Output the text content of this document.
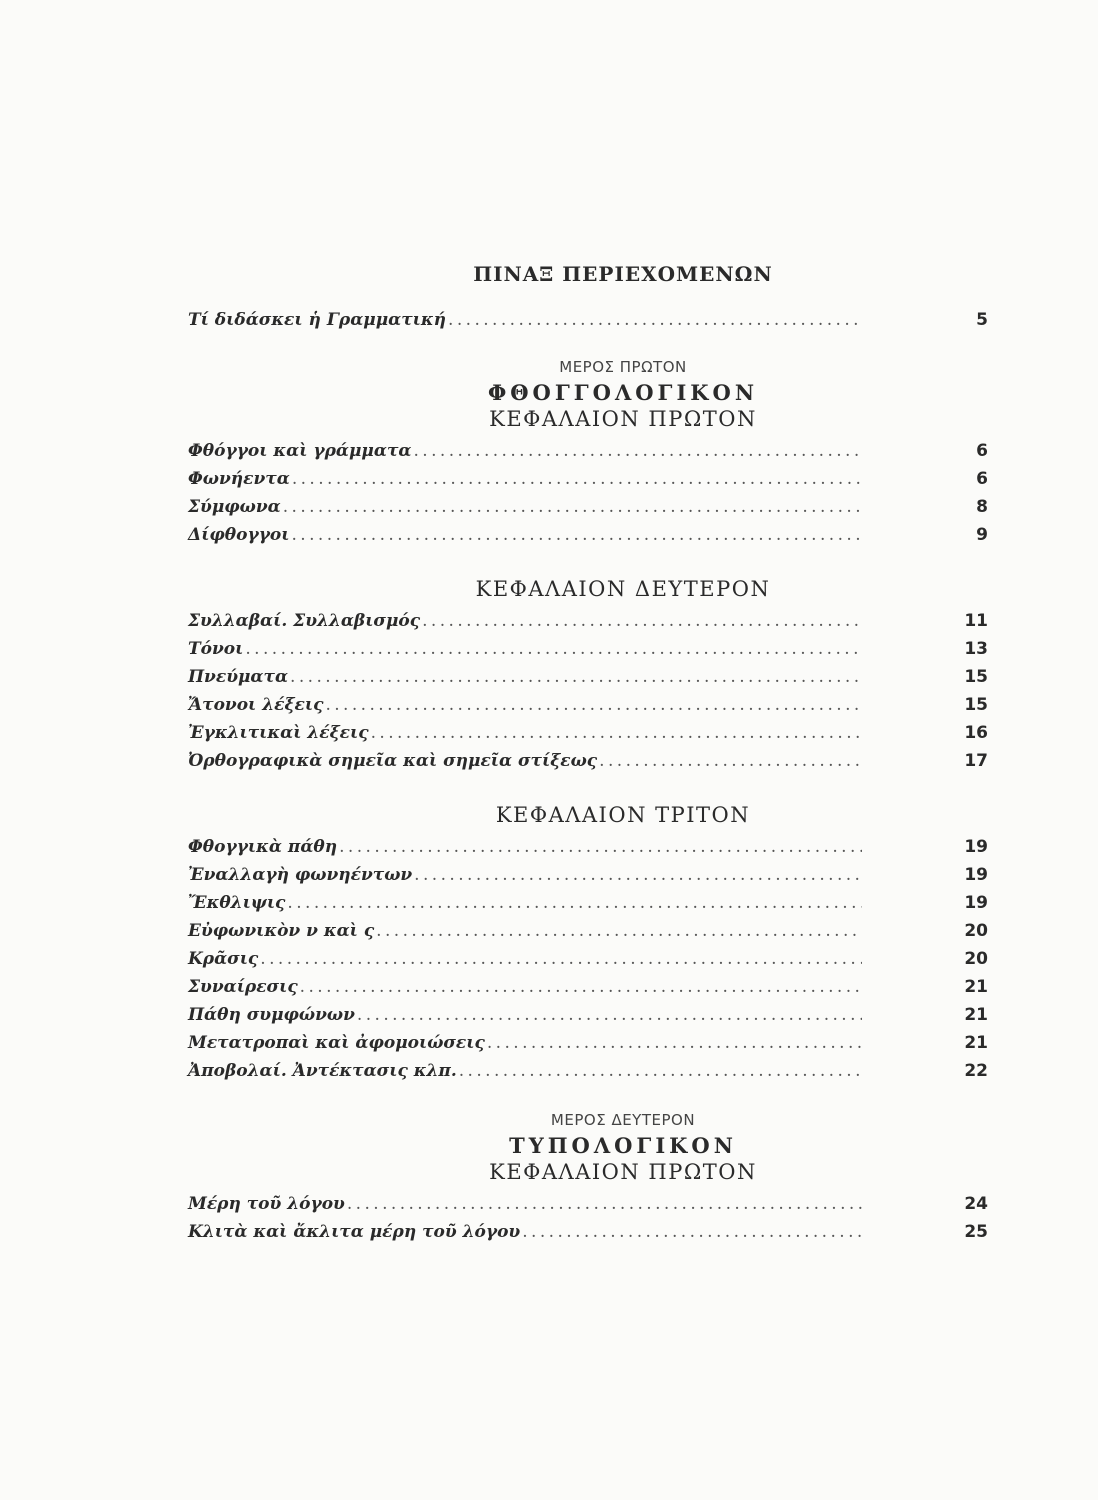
ΠΙΝΑΞ ΠΕΡΙΕΧΟΜΕΝΩΝ
Τί διδάσκει ἡ Γραμματική . . .	5
ΜΕΡΟΣ ΠΡΩΤΟΝ
ΦΘΟΓΓΟΛΟΓΙΚΟΝ
ΚΕΦΑΛΑΙΟΝ ΠΡΩΤΟΝ
Φθόγγοι καὶ γράμματα . . .	6
Φωνήεντα . . .	6
Σύμφωνα . . .	8
Δίφθογγοι . . .	9
ΚΕΦΑΛΑΙΟΝ ΔΕΥΤΕΡΟΝ
Συλλαβαί. Συλλαβισμός . . .	11
Τόνοι . . .	13
Πνεύματα . . .	15
Ἄτονοι λέξεις . . .	15
Ἐγκλιτικαὶ λέξεις . . .	16
Ὀρθογραφικὰ σημεῖα καὶ σημεῖα στίξεως . . .	17
ΚΕΦΑΛΑΙΟΝ ΤΡΙΤΟΝ
Φθογγικὰ πάθη . . .	19
Ἐναλλαγὴ φωνηέντων . . .	19
Ἔκθλιψις . . .	19
Εὐφωνικὸν ν καὶ ς . . .	20
Κρᾶσις . . .	20
Συναίρεσις . . .	21
Πάθη συμφώνων . . .	21
Μετατροπαὶ καὶ ἀφομοιώσεις . . .	21
Ἀποβολαί. Ἀντέκτασις κλπ. . . .	22
ΜΕΡΟΣ ΔΕΥΤΕΡΟΝ
ΤΥΠΟΛΟΓΙΚΟΝ
ΚΕΦΑΛΑΙΟΝ ΠΡΩΤΟΝ
Μέρη τοῦ λόγου . . .	24
Κλιτὰ καὶ ἄκλιτα μέρη τοῦ λόγου . . .	25
